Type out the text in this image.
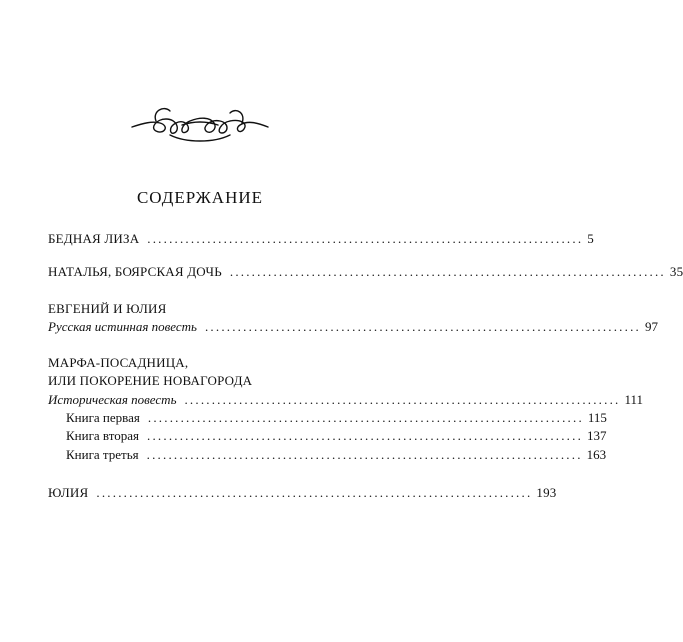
СОДЕРЖАНИЕ
БЕДНАЯ ЛИЗА ................................................................................ 5
НАТАЛЬЯ, БОЯРСКАЯ ДОЧЬ ................................................................................ 35
ЕВГЕНИЙ И ЮЛИЯ
Русская истинная повесть ................................................................................ 97
МАРФА-ПОСАДНИЦА,
ИЛИ ПОКОРЕНИЕ НОВАГОРОДА
Историческая повесть ................................................................................ 111
Книга первая ................................................................................ 115
Книга вторая ................................................................................ 137
Книга третья ................................................................................ 163
ЮЛИЯ ................................................................................ 193
